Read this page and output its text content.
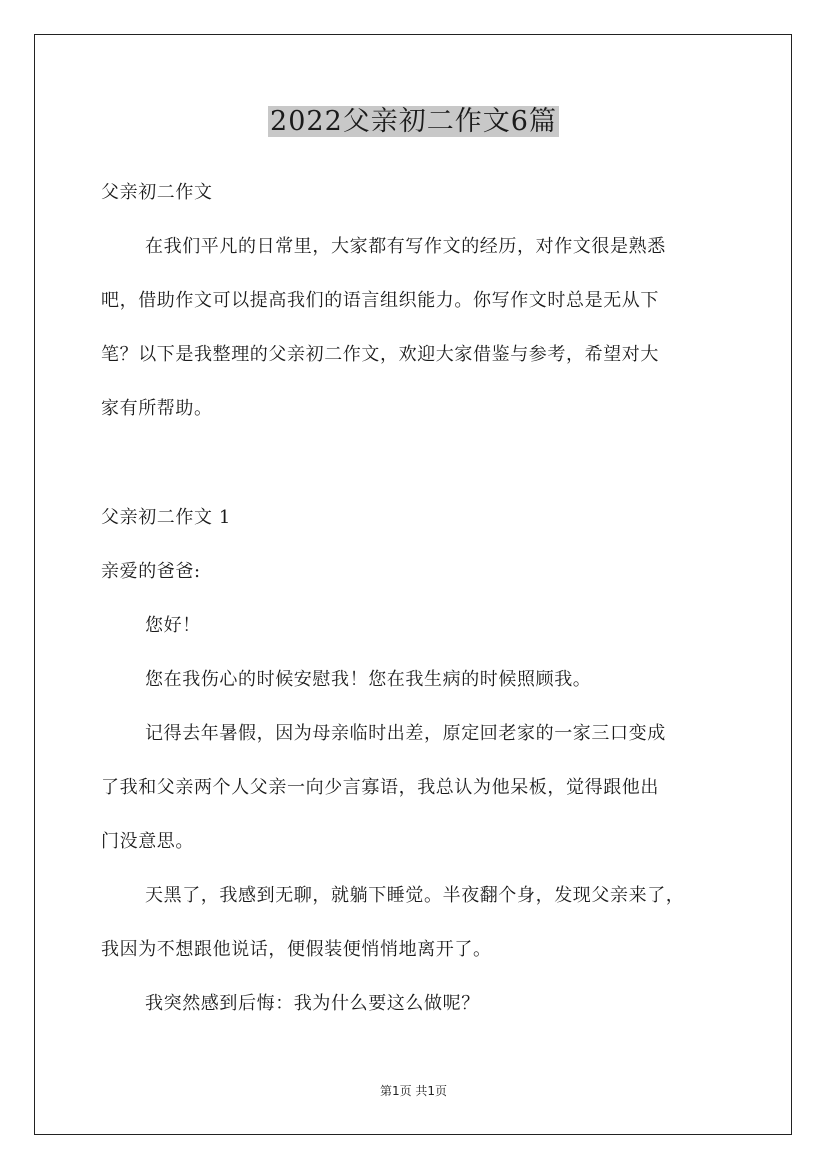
2022父亲初二作文6篇
父亲初二作文
在我们平凡的日常里，大家都有写作文的经历，对作文很是熟悉
吧，借助作文可以提高我们的语言组织能力。你写作文时总是无从下
笔？以下是我整理的父亲初二作文，欢迎大家借鉴与参考，希望对大
家有所帮助。
父亲初二作文 1
亲爱的爸爸:
您好！
您在我伤心的时候安慰我！您在我生病的时候照顾我。
记得去年暑假，因为母亲临时出差，原定回老家的一家三口变成
了我和父亲两个人父亲一向少言寡语，我总认为他呆板，觉得跟他出
门没意思。
天黑了，我感到无聊，就躺下睡觉。半夜翻个身，发现父亲来了，
我因为不想跟他说话，便假装便悄悄地离开了。
我突然感到后悔：我为什么要这么做呢？
第1页 共1页
